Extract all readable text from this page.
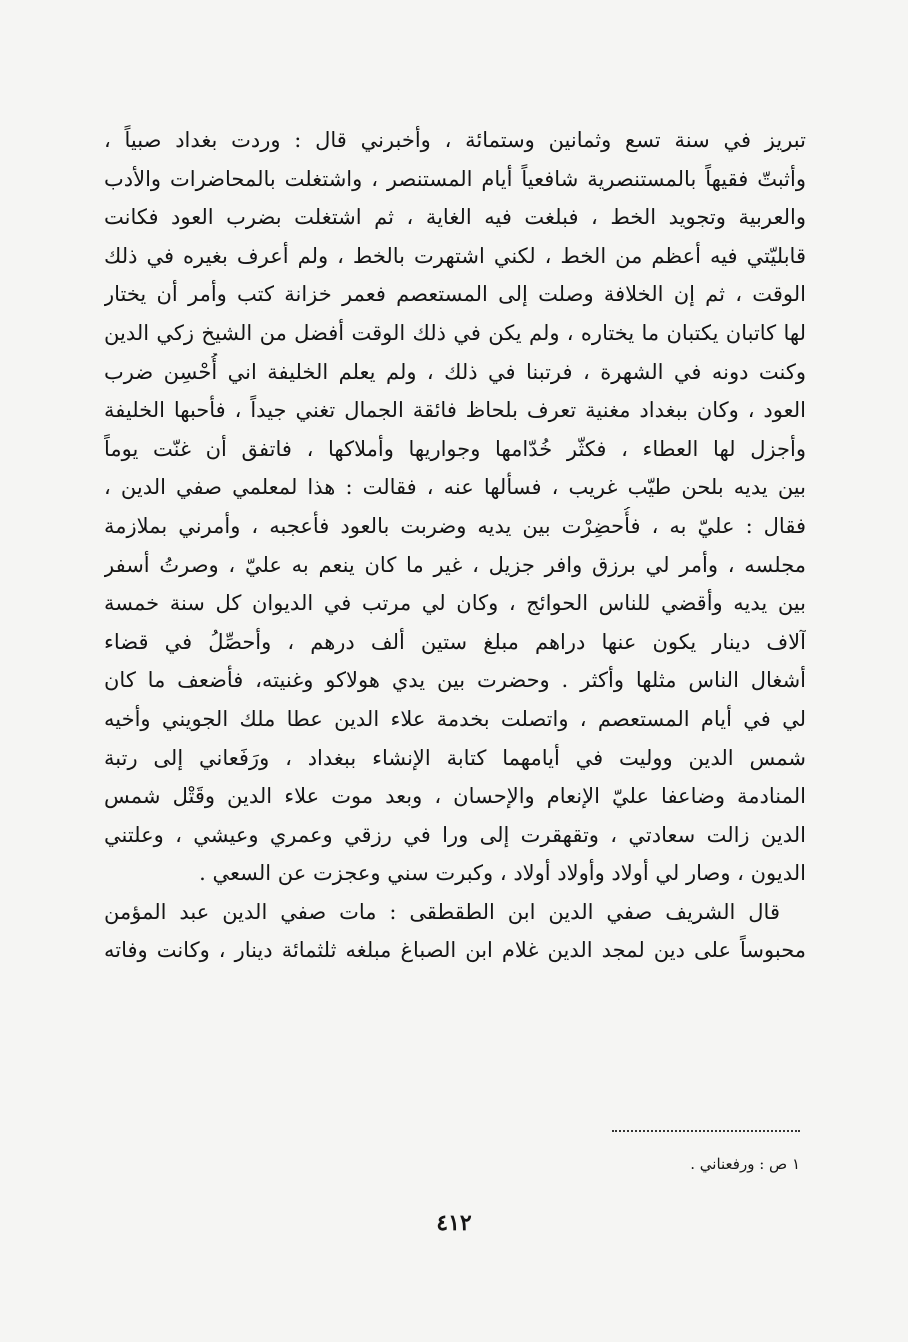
تبريز في سنة تسع وثمانين وستمائة ، وأخبرني قال : وردت بغداد صبياً ،
وأثبتّ فقيهاً بالمستنصرية شافعياً أيام المستنصر ، واشتغلت بالمحاضرات والأدب
والعربية وتجويد الخط ، فبلغت فيه الغاية ، ثم اشتغلت بضرب العود فكانت
قابليّتي فيه أعظم من الخط ، لكني اشتهرت بالخط ، ولم أعرف بغيره في ذلك
الوقت ، ثم إن الخلافة وصلت إلى المستعصم فعمر خزانة كتب وأمر أن يختار
لها كاتبان يكتبان ما يختاره ، ولم يكن في ذلك الوقت أفضل من الشيخ زكي الدين
وكنت دونه في الشهرة ، فرتبنا في ذلك ، ولم يعلم الخليفة اني أُحْسِن ضرب
العود ، وكان ببغداد مغنية تعرف بلحاظ فائقة الجمال تغني جيداً ، فأحبها الخليفة
وأجزل لها العطاء ، فكثّر خُدّامها وجواريها وأملاكها ، فاتفق أن غنّت يوماً
بين يديه بلحن طيّب غريب ، فسألها عنه ، فقالت : هذا لمعلمي صفي الدين ،
فقال : عليّ به ، فأُحضِرْت بين يديه وضربت بالعود فأعجبه ، وأمرني بملازمة
مجلسه ، وأمر لي برزق وافر جزيل ، غير ما كان ينعم به عليّ ، وصرتُ أسفر
بين يديه وأقضي للناس الحوائج ، وكان لي مرتب في الديوان كل سنة خمسة
آلاف دينار يكون عنها دراهم مبلغ ستين ألف درهم ، وأحصِّلُ في قضاء
أشغال الناس مثلها وأكثر . وحضرت بين يدي هولاكو وغنيته، فأضعف ما كان
لي في أيام المستعصم ، واتصلت بخدمة علاء الدين عطا ملك الجويني وأخيه
شمس الدين ووليت في أيامهما كتابة الإنشاء ببغداد ، ورَفَعاني إلى رتبة
المنادمة وضاعفا عليّ الإنعام والإحسان ، وبعد موت علاء الدين وقَتْل شمس
الدين زالت سعادتي ، وتقهقرت إلى ورا في رزقي وعمري وعيشي ، وعلتني
الديون ، وصار لي أولاد وأولاد أولاد ، وكبرت سني وعجزت عن السعي .
قال الشريف صفي الدين ابن الطقطقى : مات صفي الدين عبد المؤمن
محبوساً على دين لمجد الدين غلام ابن الصباغ مبلغه ثلثمائة دينار ، وكانت وفاته
١ ص : ورفعناني .
٤١٢
